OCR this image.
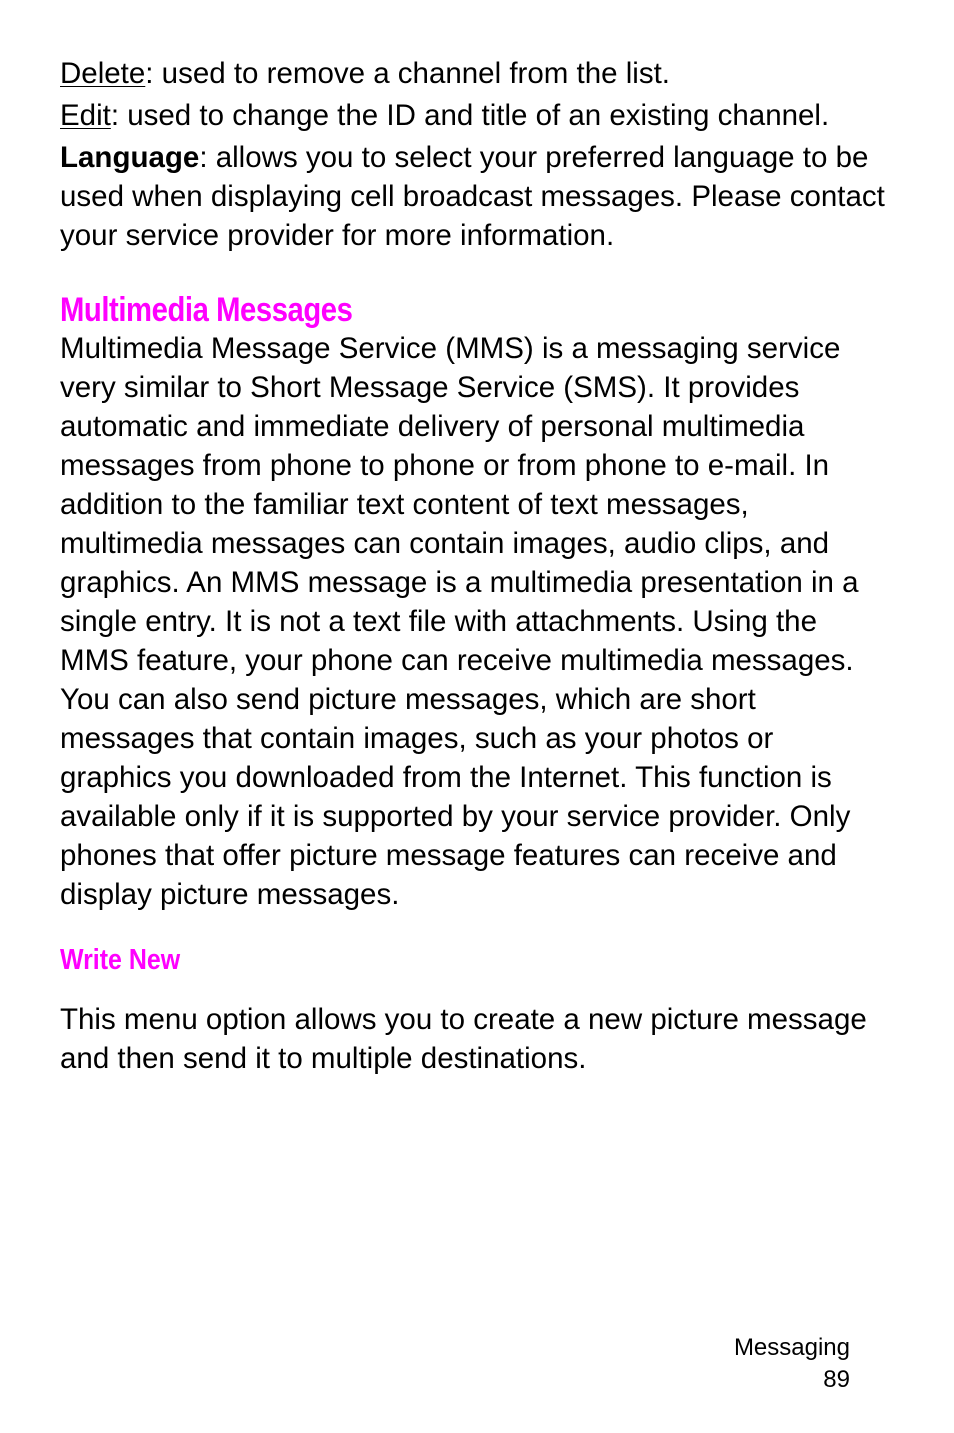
Delete: used to remove a channel from the list.

Edit: used to change the ID and title of an existing channel.

Language: allows you to select your preferred language to be used when displaying cell broadcast messages. Please contact your service provider for more information.

Multimedia Messages

Multimedia Message Service (MMS) is a messaging service very similar to Short Message Service (SMS). It provides automatic and immediate delivery of personal multimedia messages from phone to phone or from phone to e-mail. In addition to the familiar text content of text messages, multimedia messages can contain images, audio clips, and graphics. An MMS message is a multimedia presentation in a single entry. It is not a text file with attachments. Using the MMS feature, your phone can receive multimedia messages. You can also send picture messages, which are short messages that contain images, such as your photos or graphics you downloaded from the Internet. This function is available only if it is supported by your service provider. Only phones that offer picture message features can receive and display picture messages.

Write New

This menu option allows you to create a new picture message and then send it to multiple destinations.

Messaging
89
